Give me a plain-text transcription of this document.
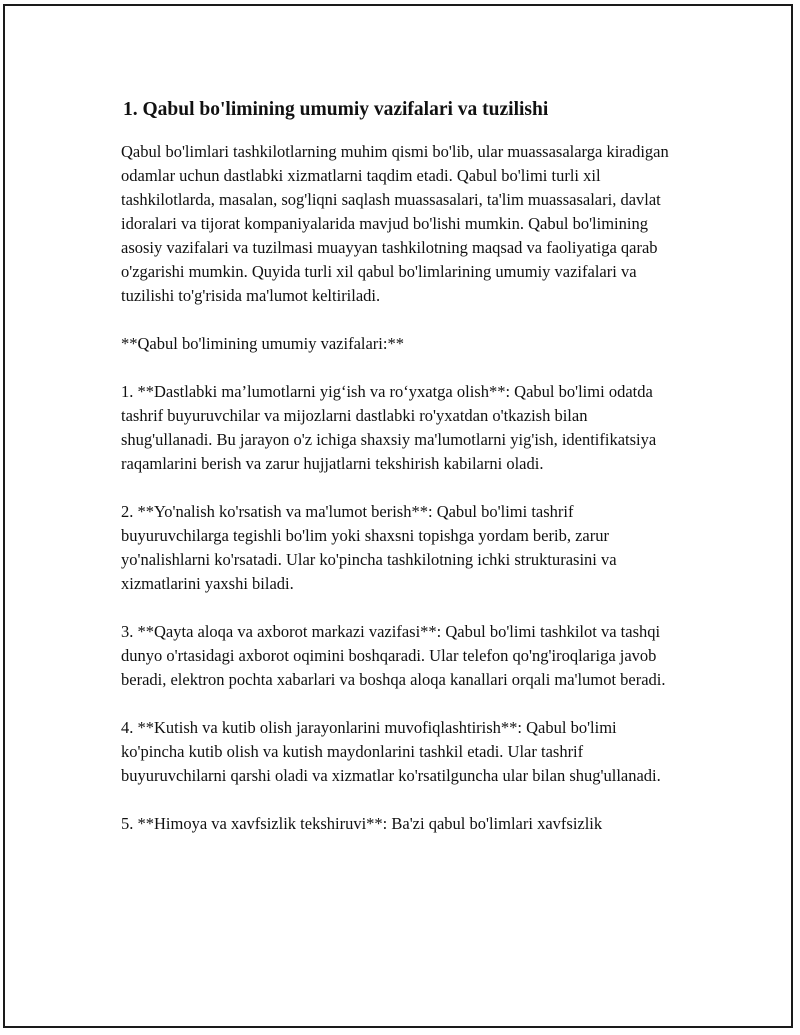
1. Qabul bo'limining umumiy vazifalari va tuzilishi

Qabul bo'limlari tashkilotlarning muhim qismi bo'lib, ular muassasalarga kiradigan odamlar uchun dastlabki xizmatlarni taqdim etadi. Qabul bo'limi turli xil tashkilotlarda, masalan, sog'liqni saqlash muassasalari, ta'lim muassasalari, davlat idoralari va tijorat kompaniyalarida mavjud bo'lishi mumkin. Qabul bo'limining asosiy vazifalari va tuzilmasi muayyan tashkilotning maqsad va faoliyatiga qarab o'zgarishi mumkin. Quyida turli xil qabul bo'limlarining umumiy vazifalari va tuzilishi to'g'risida ma'lumot keltiriladi.

**Qabul bo'limining umumiy vazifalari:**

1. **Dastlabki ma’lumotlarni yig‘ish va ro‘yxatga olish**: Qabul bo'limi odatda tashrif buyuruvchilar va mijozlarni dastlabki ro'yxatdan o'tkazish bilan shug'ullanadi. Bu jarayon o'z ichiga shaxsiy ma'lumotlarni yig'ish, identifikatsiya raqamlarini berish va zarur hujjatlarni tekshirish kabilarni oladi.

2. **Yo'nalish ko'rsatish va ma'lumot berish**: Qabul bo'limi tashrif buyuruvchilarga tegishli bo'lim yoki shaxsni topishga yordam berib, zarur yo'nalishlarni ko'rsatadi. Ular ko'pincha tashkilotning ichki strukturasini va xizmatlarini yaxshi biladi.

3. **Qayta aloqa va axborot markazi vazifasi**: Qabul bo'limi tashkilot va tashqi dunyo o'rtasidagi axborot oqimini boshqaradi. Ular telefon qo'ng'iroqlariga javob beradi, elektron pochta xabarlari va boshqa aloqa kanallari orqali ma'lumot beradi.

4. **Kutish va kutib olish jarayonlarini muvofiqlashtirish**: Qabul bo'limi ko'pincha kutib olish va kutish maydonlarini tashkil etadi. Ular tashrif buyuruvchilarni qarshi oladi va xizmatlar ko'rsatilguncha ular bilan shug'ullanadi.

5. **Himoya va xavfsizlik tekshiruvi**: Ba'zi qabul bo'limlari xavfsizlik
